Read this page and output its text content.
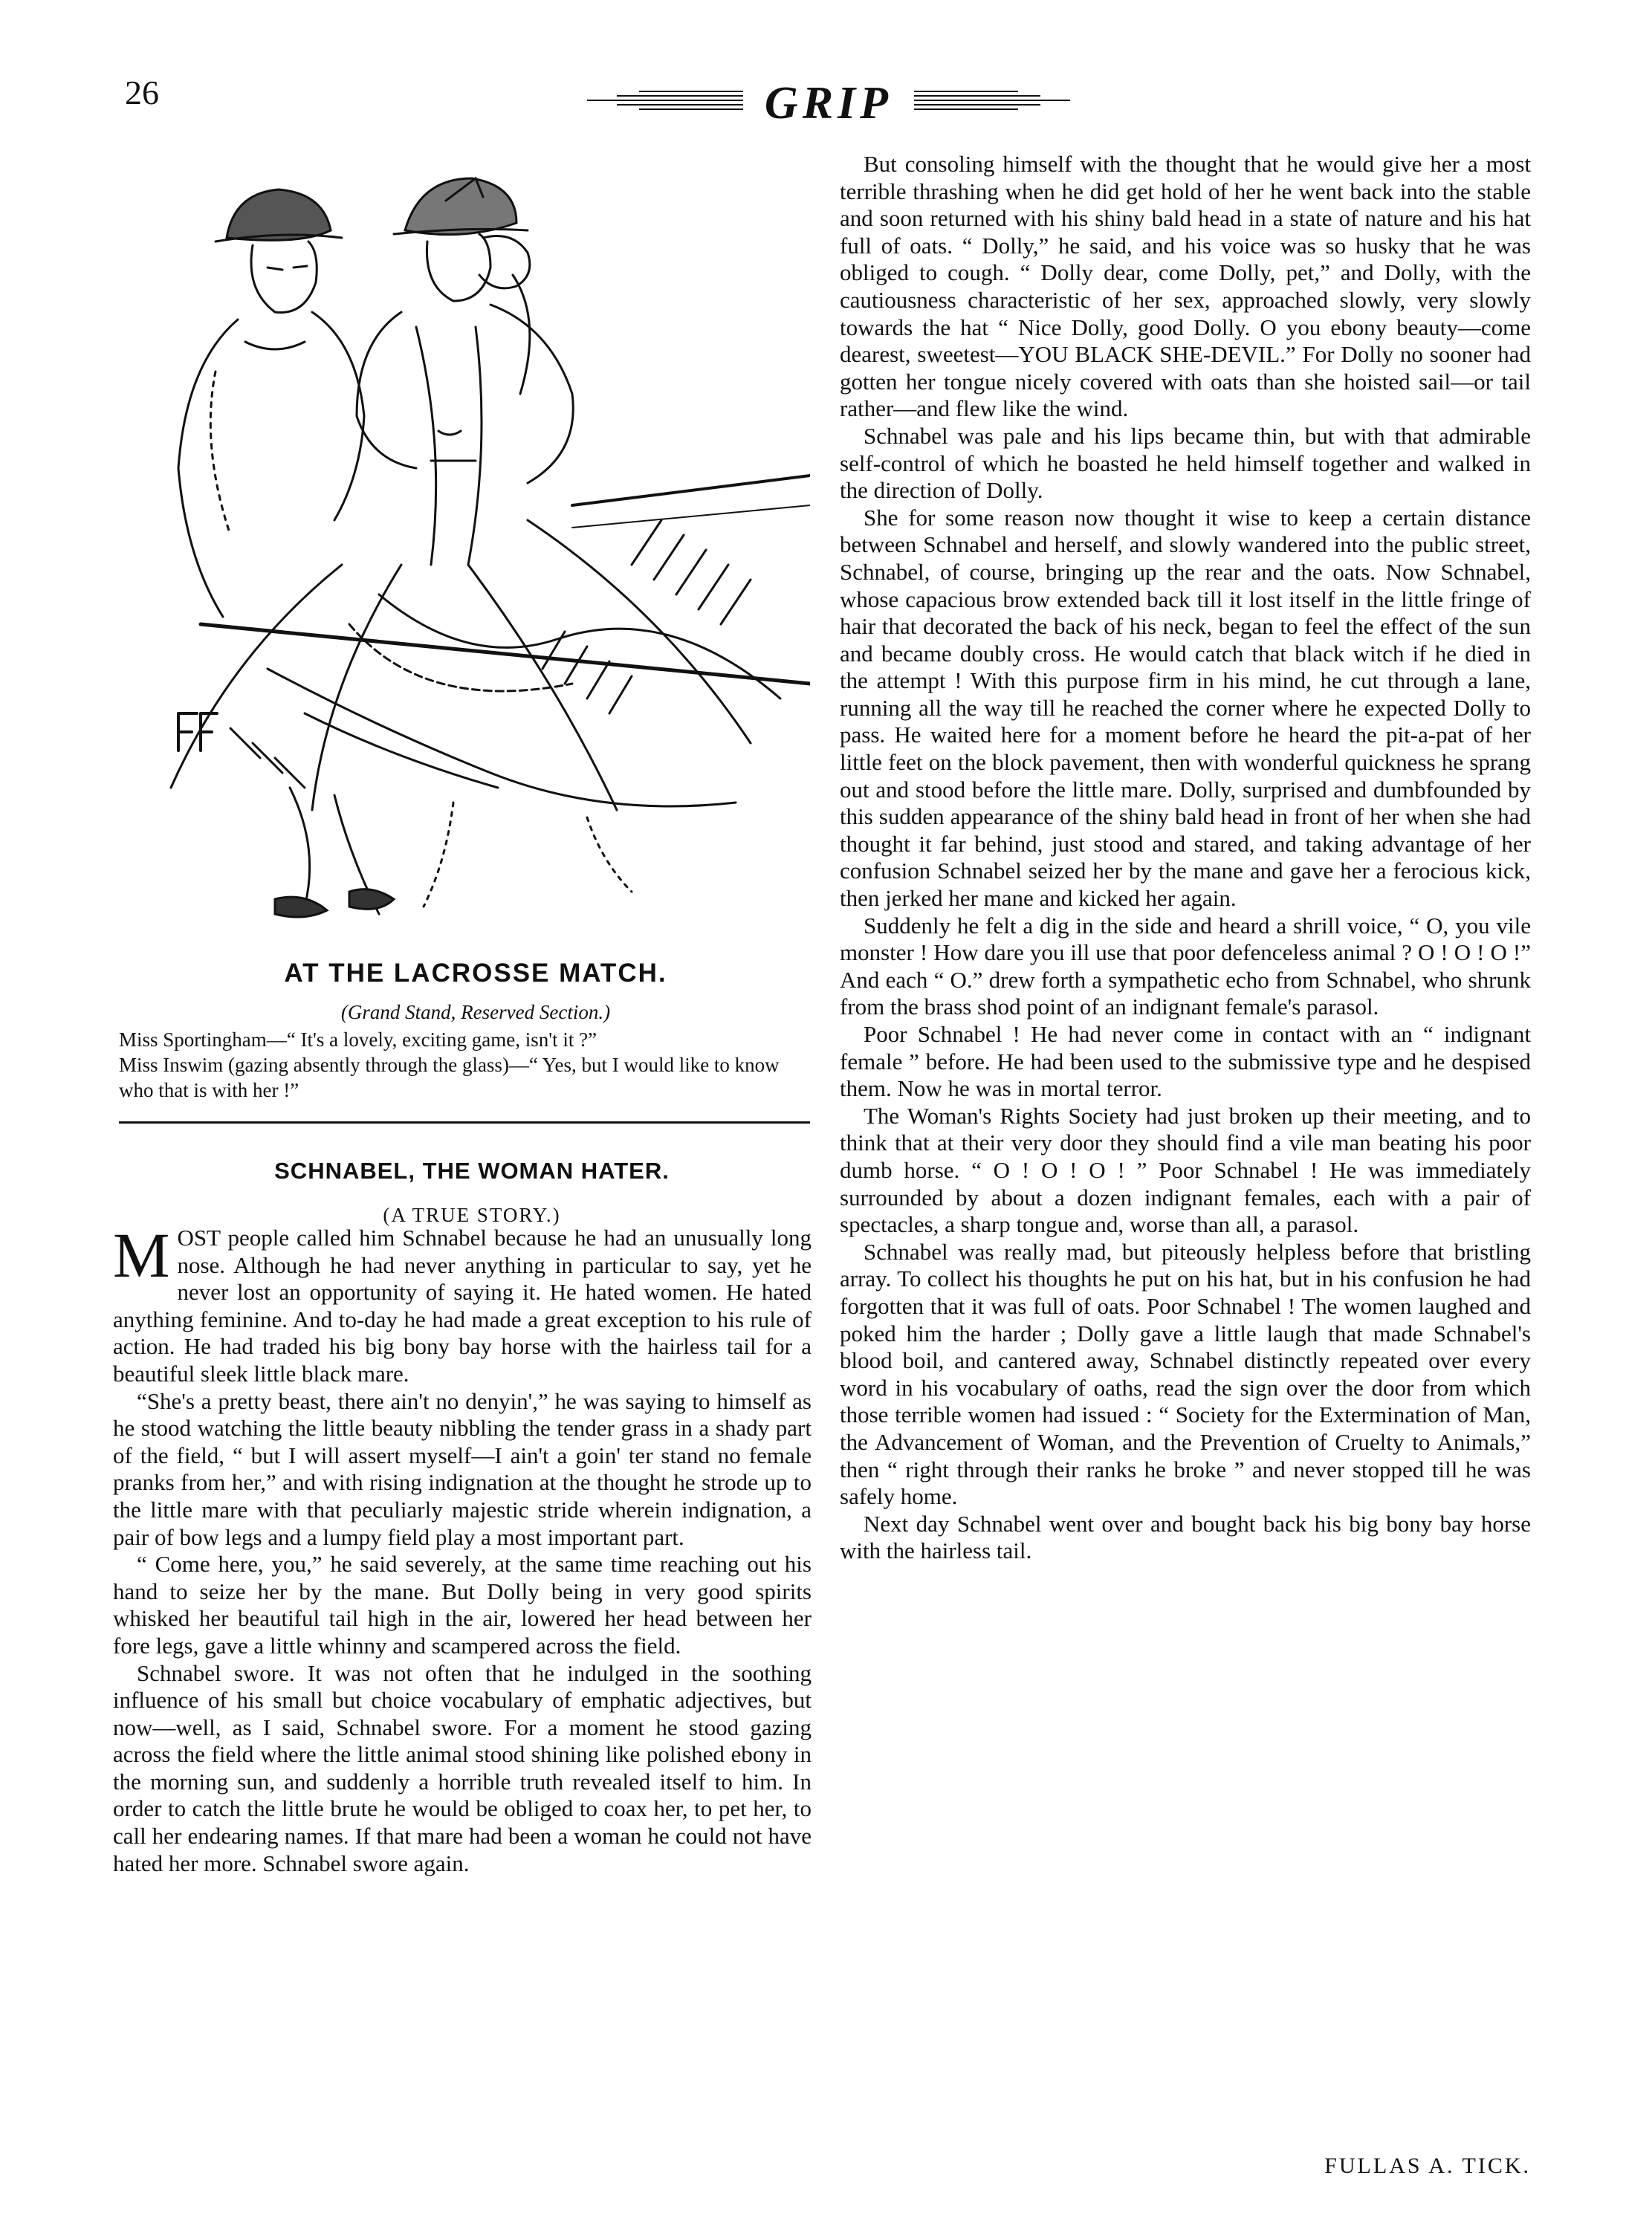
26	GRIP
AT THE LACROSSE MATCH.
(Grand Stand, Reserved Section.)
Miss Sportingham—“ It's a lovely, exciting game, isn't it ?”
Miss Inswim (gazing absently through the glass)—“ Yes, but I would like to know who that is with her !”
SCHNABEL, THE WOMAN HATER.
(A TRUE STORY.)

MOST people called him Schnabel because he had an unusually long nose. Although he had never anything in particular to say, yet he never lost an opportunity of saying it. He hated women. He hated anything feminine. And to-day he had made a great exception to his rule of action. He had traded his big bony bay horse with the hairless tail for a beautiful sleek little black mare.

“She's a pretty beast, there ain't no denyin',” he was saying to himself as he stood watching the little beauty nibbling the tender grass in a shady part of the field, “ but I will assert myself—I ain't a goin' ter stand no female pranks from her,” and with rising indignation at the thought he strode up to the little mare with that peculiarly majestic stride wherein indignation, a pair of bow legs and a lumpy field play a most important part.

“ Come here, you,” he said severely, at the same time reaching out his hand to seize her by the mane. But Dolly being in very good spirits whisked her beautiful tail high in the air, lowered her head between her fore legs, gave a little whinny and scampered across the field.

Schnabel swore. It was not often that he indulged in the soothing influence of his small but choice vocabulary of emphatic adjectives, but now—well, as I said, Schnabel swore. For a moment he stood gazing across the field where the little animal stood shining like polished ebony in the morning sun, and suddenly a horrible truth revealed itself to him. In order to catch the little brute he would be obliged to coax her, to pet her, to call her endearing names. If that mare had been a woman he could not have hated her more. Schnabel swore again.

But consoling himself with the thought that he would give her a most terrible thrashing when he did get hold of her he went back into the stable and soon returned with his shiny bald head in a state of nature and his hat full of oats. “ Dolly,” he said, and his voice was so husky that he was obliged to cough. “ Dolly dear, come Dolly, pet,” and Dolly, with the cautiousness characteristic of her sex, approached slowly, very slowly towards the hat “ Nice Dolly, good Dolly. O you ebony beauty—come dearest, sweetest—YOU BLACK SHE-DEVIL.” For Dolly no sooner had gotten her tongue nicely covered with oats than she hoisted sail—or tail rather—and flew like the wind.

Schnabel was pale and his lips became thin, but with that admirable self-control of which he boasted he held himself together and walked in the direction of Dolly.

She for some reason now thought it wise to keep a certain distance between Schnabel and herself, and slowly wandered into the public street, Schnabel, of course, bringing up the rear and the oats. Now Schnabel, whose capacious brow extended back till it lost itself in the little fringe of hair that decorated the back of his neck, began to feel the effect of the sun and became doubly cross. He would catch that black witch if he died in the attempt ! With this purpose firm in his mind, he cut through a lane, running all the way till he reached the corner where he expected Dolly to pass. He waited here for a moment before he heard the pit-a-pat of her little feet on the block pavement, then with wonderful quickness he sprang out and stood before the little mare. Dolly, surprised and dumbfounded by this sudden appearance of the shiny bald head in front of her when she had thought it far behind, just stood and stared, and taking advantage of her confusion Schnabel seized her by the mane and gave her a ferocious kick, then jerked her mane and kicked her again.

Suddenly he felt a dig in the side and heard a shrill voice, “ O, you vile monster ! How dare you ill use that poor defenceless animal ? O ! O ! O !” And each “ O.” drew forth a sympathetic echo from Schnabel, who shrunk from the brass shod point of an indignant female's parasol.

Poor Schnabel ! He had never come in contact with an “ indignant female ” before. He had been used to the submissive type and he despised them. Now he was in mortal terror.

The Woman's Rights Society had just broken up their meeting, and to think that at their very door they should find a vile man beating his poor dumb horse. “ O ! O ! O ! ” Poor Schnabel ! He was immediately surrounded by about a dozen indignant females, each with a pair of spectacles, a sharp tongue and, worse than all, a parasol.

Schnabel was really mad, but piteously helpless before that bristling array. To collect his thoughts he put on his hat, but in his confusion he had forgotten that it was full of oats. Poor Schnabel ! The women laughed and poked him the harder ; Dolly gave a little laugh that made Schnabel's blood boil, and cantered away, Schnabel distinctly repeated over every word in his vocabulary of oaths, read the sign over the door from which those terrible women had issued : “ Society for the Extermination of Man, the Advancement of Woman, and the Prevention of Cruelty to Animals,” then “ right through their ranks he broke ” and never stopped till he was safely home.

Next day Schnabel went over and bought back his big bony bay horse with the hairless tail.

FULLAS A. TICK.
